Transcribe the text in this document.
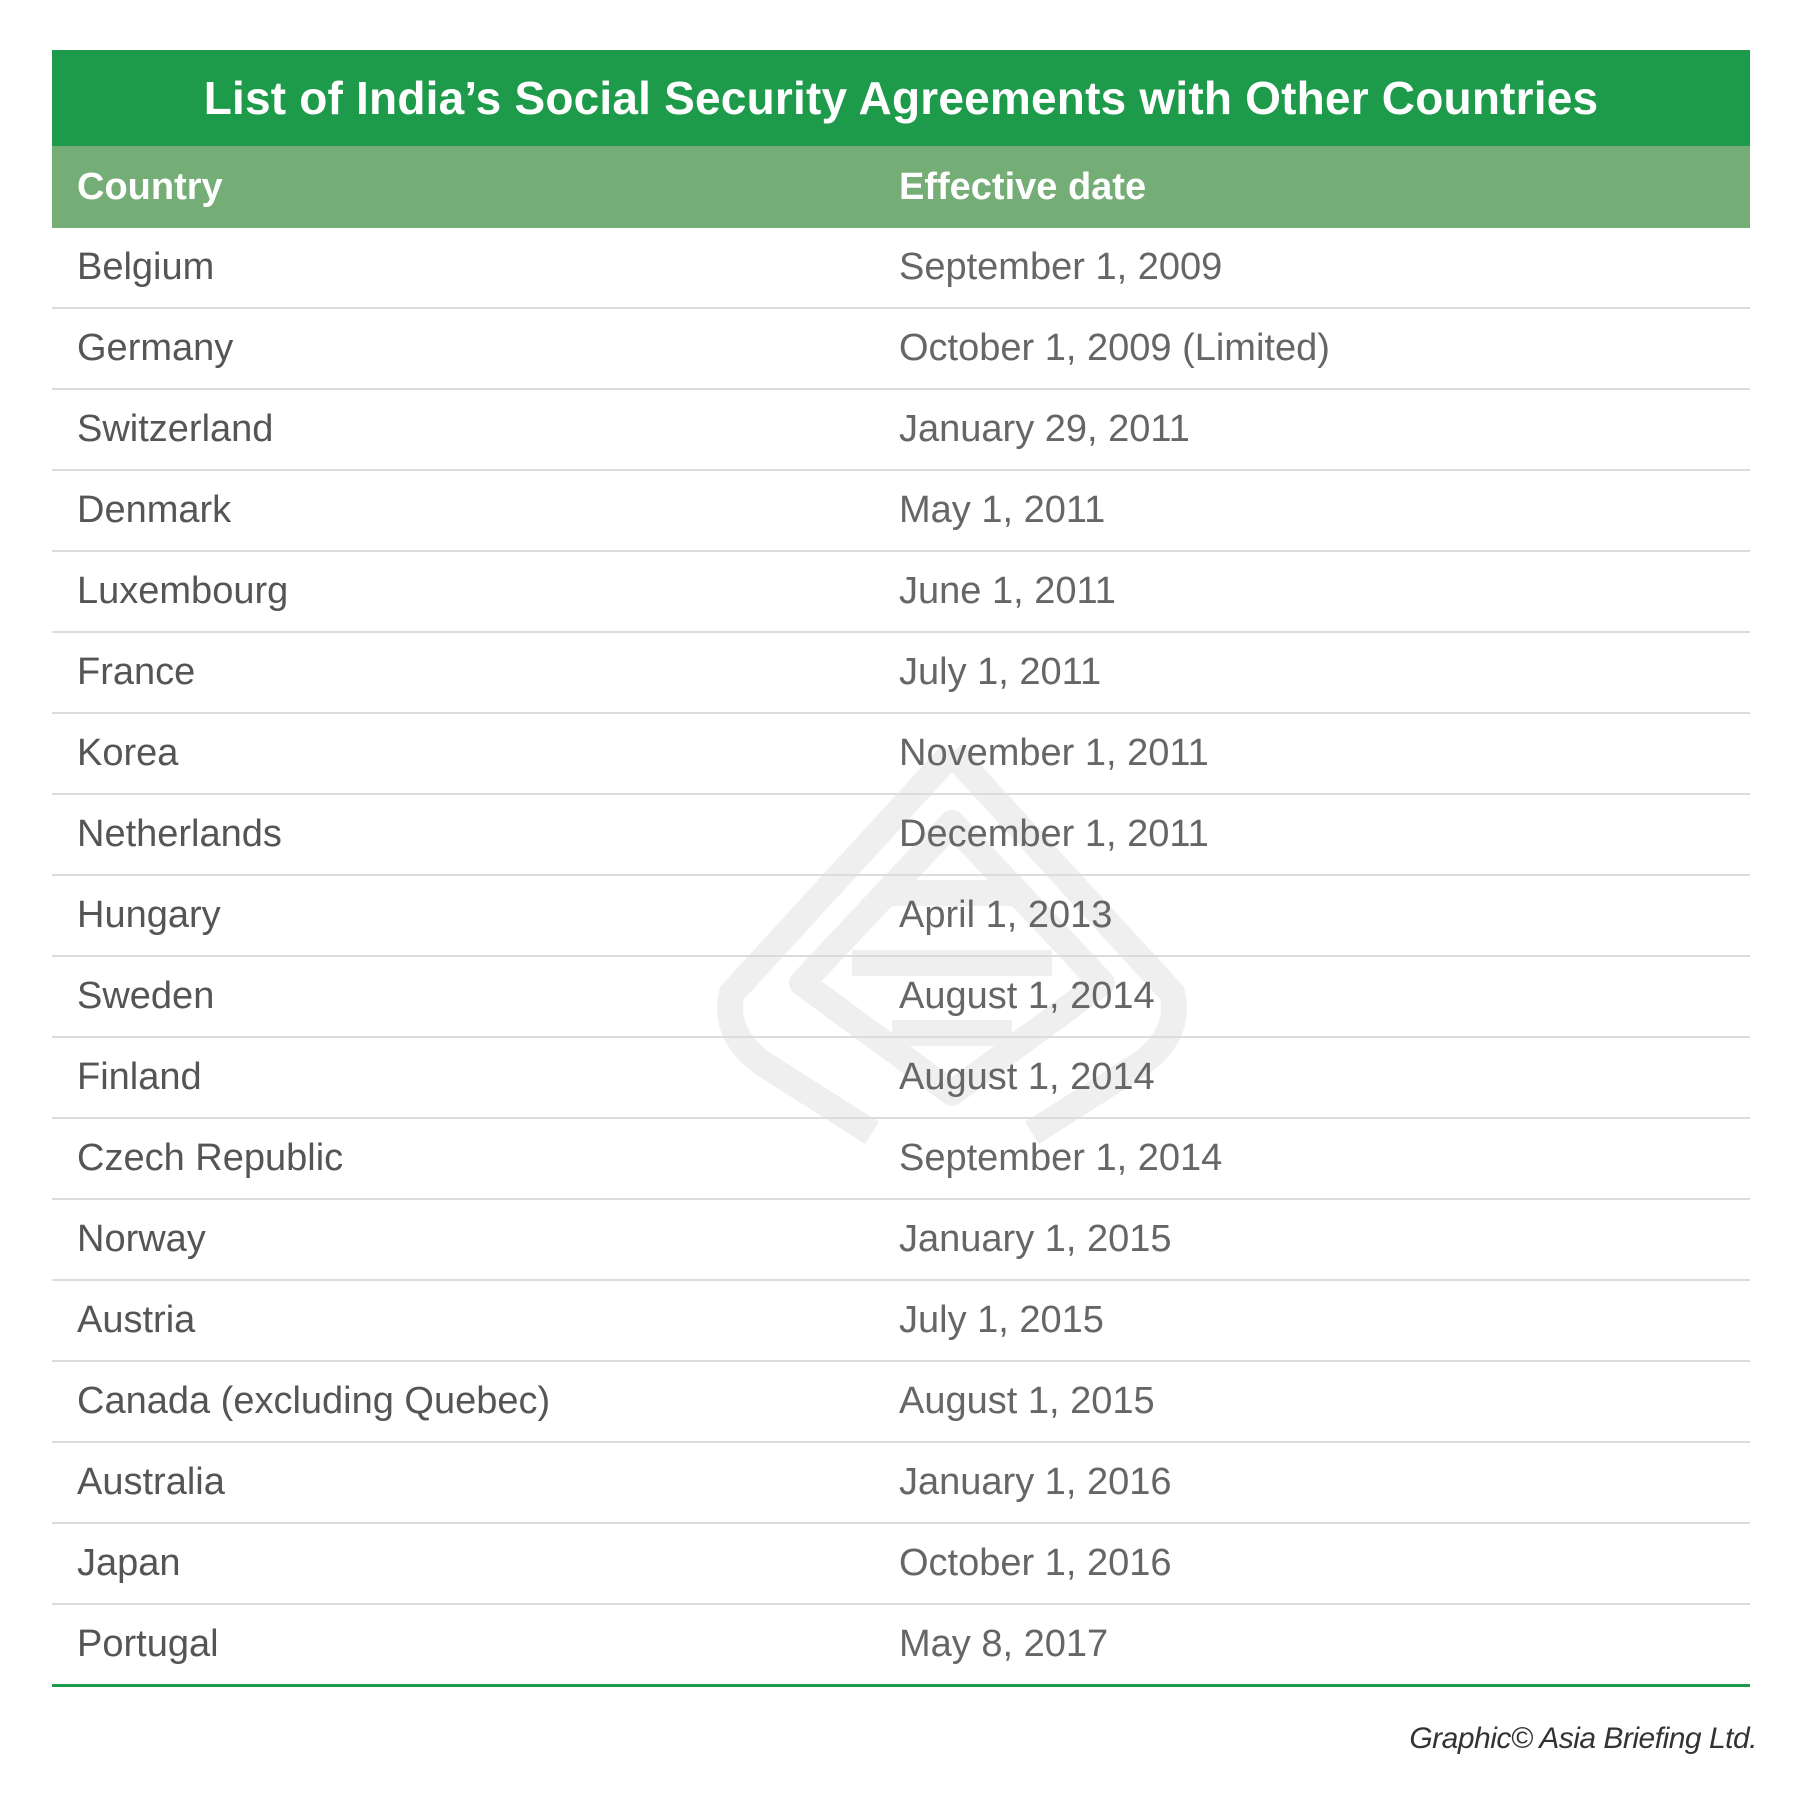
List of India’s Social Security Agreements with Other Countries
Country	Effective date
Belgium	September 1, 2009
Germany	October 1, 2009 (Limited)
Switzerland	January 29, 2011
Denmark	May 1, 2011
Luxembourg	June 1, 2011
France	July 1, 2011
Korea	November 1, 2011
Netherlands	December 1, 2011
Hungary	April 1, 2013
Sweden	August 1, 2014
Finland	August 1, 2014
Czech Republic	September 1, 2014
Norway	January 1, 2015
Austria	July 1, 2015
Canada (excluding Quebec)	August 1, 2015
Australia	January 1, 2016
Japan	October 1, 2016
Portugal	May 8, 2017
Graphic© Asia Briefing Ltd.
